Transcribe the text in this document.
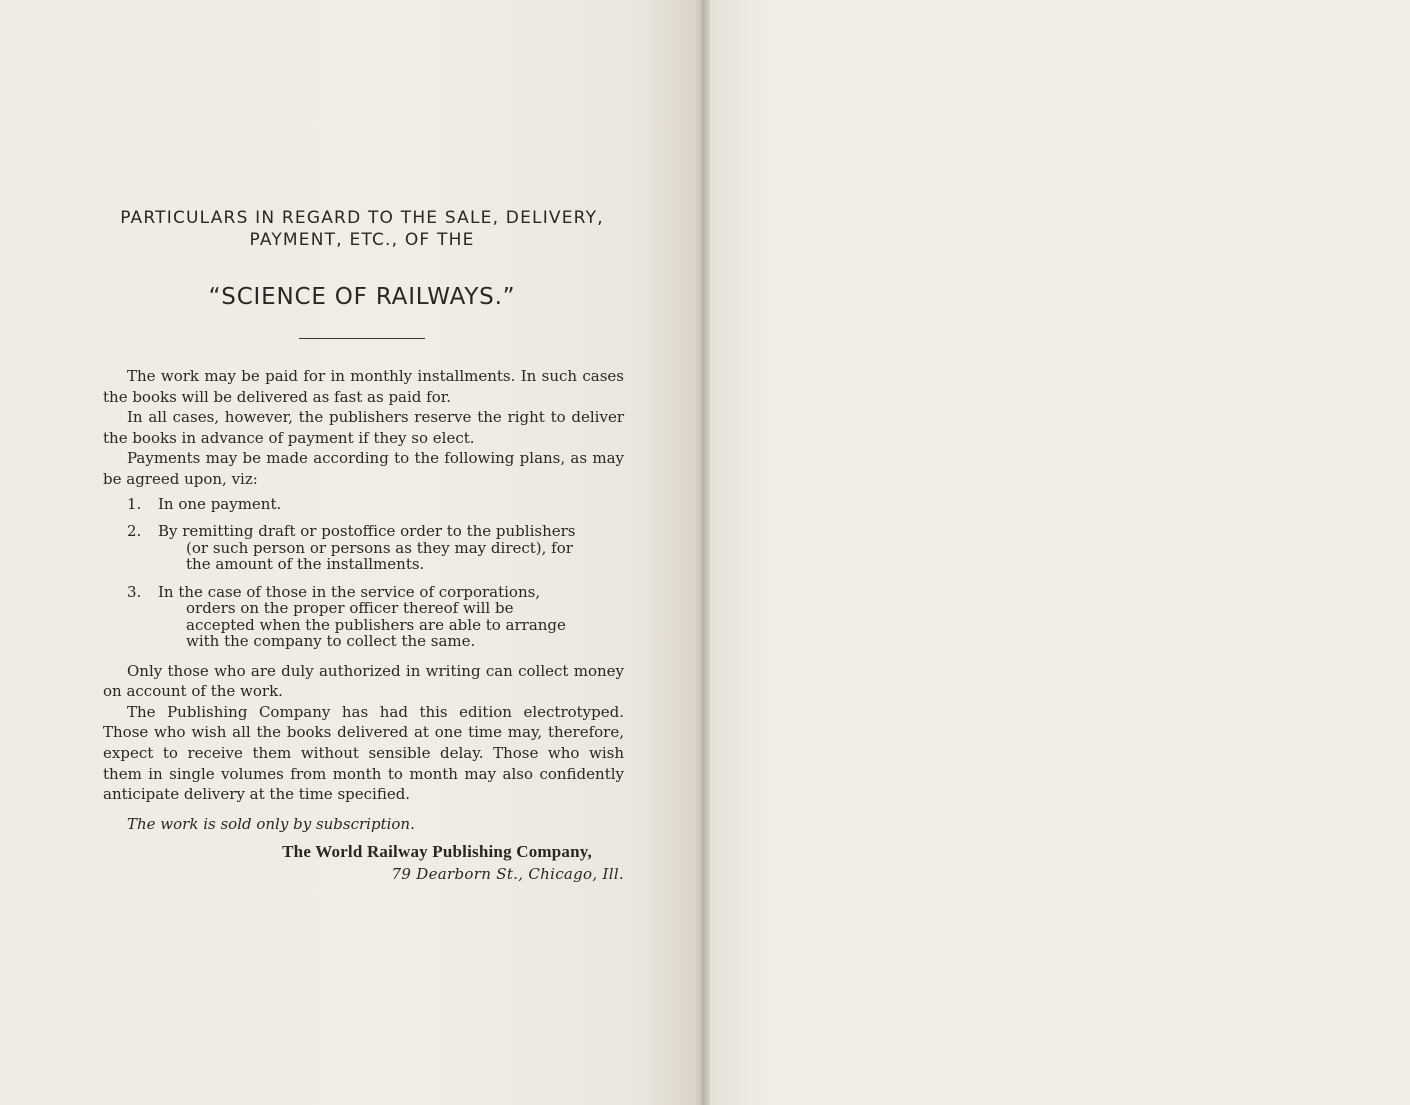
PARTICULARS IN REGARD TO THE SALE, DELIVERY,
PAYMENT, ETC., OF THE
“SCIENCE OF RAILWAYS.”

The work may be paid for in monthly installments. In such cases the books will be delivered as fast as paid for.

In all cases, however, the publishers reserve the right to deliver the books in advance of payment if they so elect.

Payments may be made according to the following plans, as may be agreed upon, viz:

1.	In one payment.
2.	By remitting draft or postoffice order to the publishers (or such person or persons as they may direct), for the amount of the installments.
3.	In the case of those in the service of corporations, orders on the proper officer thereof will be accepted when the publishers are able to arrange with the company to collect the same.

Only those who are duly authorized in writing can collect money on account of the work.

The Publishing Company has had this edition electrotyped. Those who wish all the books delivered at one time may, therefore, expect to receive them without sensible delay. Those who wish them in single volumes from month to month may also confidently anticipate delivery at the time specified.

The work is sold only by subscription.

The World Railway Publishing Company,
79 Dearborn St., Chicago, Ill.
